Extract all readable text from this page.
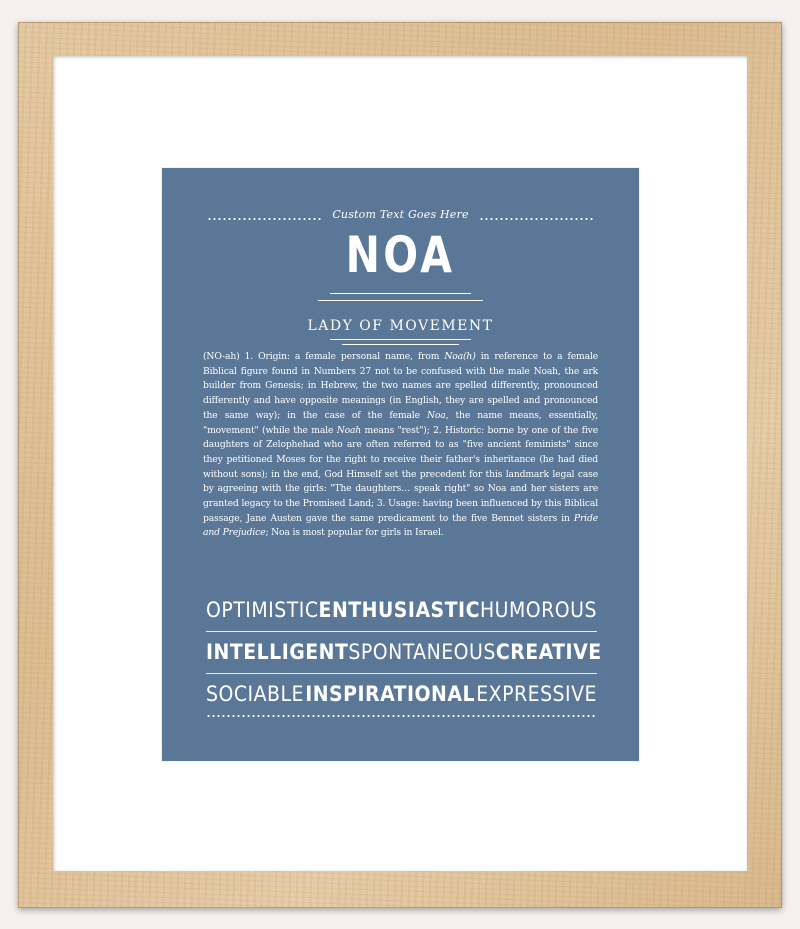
Custom Text Goes Here
NOA
LADY OF MOVEMENT
(NO-ah) 1. Origin: a female personal name, from Noa(h) in reference to a female Biblical figure found in Numbers 27 not to be confused with the male Noah, the ark builder from Genesis; in Hebrew, the two names are spelled differently, pronounced differently and have opposite meanings (in English, they are spelled and pronounced the same way); in the case of the female Noa, the name means, essentially, "movement" (while the male Noah means "rest"); 2. Historic: borne by one of the five daughters of Zelophehad who are often referred to as "five ancient feminists" since they petitioned Moses for the right to receive their father's inheritance (he had died without sons); in the end, God Himself set the precedent for this landmark legal case by agreeing with the girls: "The daughters… speak right" so Noa and her sisters are granted legacy to the Promised Land; 3. Usage: having been influenced by this Biblical passage, Jane Austen gave the same predicament to the five Bennet sisters in Pride and Prejudice; Noa is most popular for girls in Israel.
OPTIMISTIC ENTHUSIASTIC HUMOROUS
INTELLIGENT SPONTANEOUS CREATIVE
SOCIABLE INSPIRATIONAL EXPRESSIVE
